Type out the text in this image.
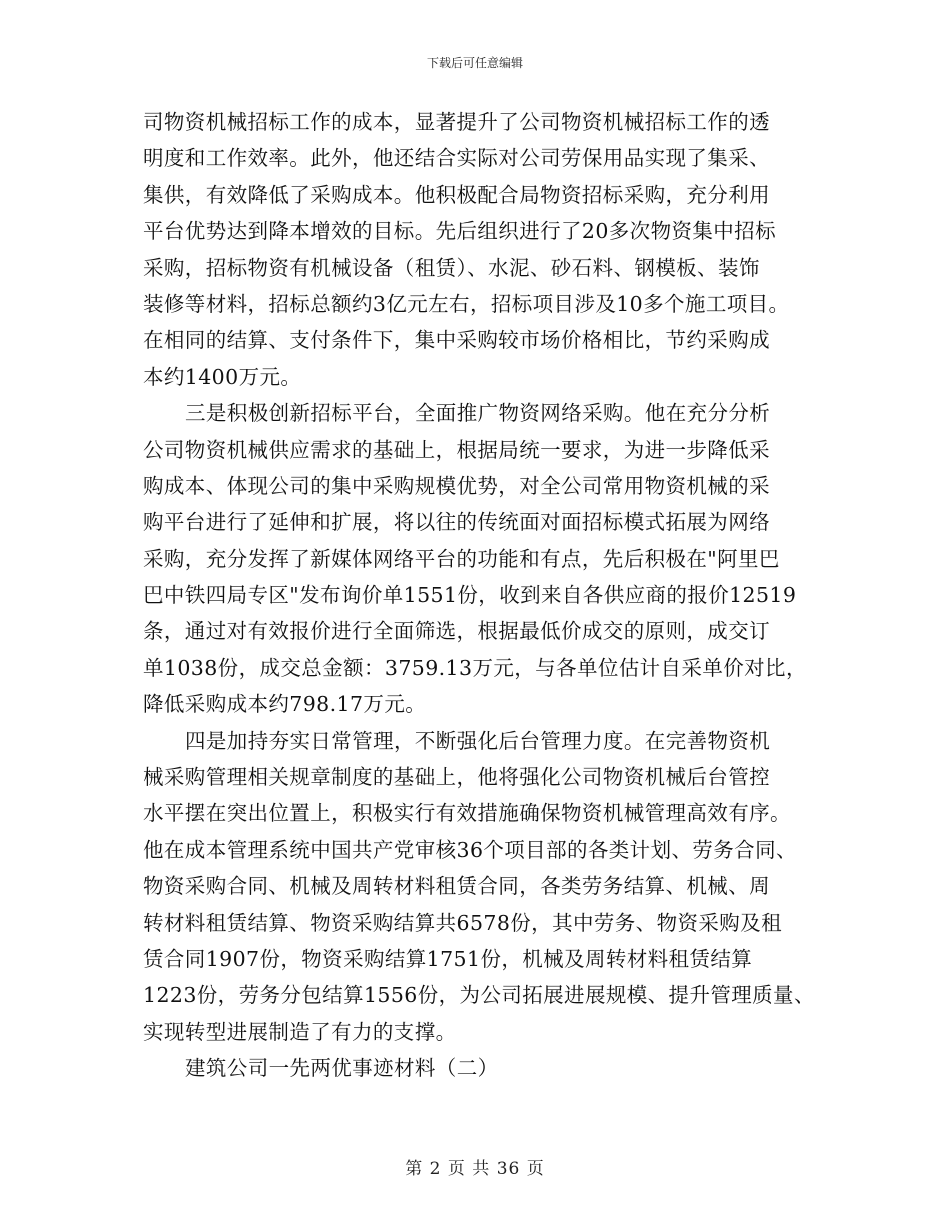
下载后可任意编辑
司物资机械招标工作的成本，显著提升了公司物资机械招标工作的透
明度和工作效率。此外，他还结合实际对公司劳保用品实现了集采、
集供，有效降低了采购成本。他积极配合局物资招标采购，充分利用
平台优势达到降本增效的目标。先后组织进行了20多次物资集中招标
采购，招标物资有机械设备（租赁）、水泥、砂石料、钢模板、装饰
装修等材料，招标总额约3亿元左右，招标项目涉及10多个施工项目。
在相同的结算、支付条件下，集中采购较市场价格相比，节约采购成
本约1400万元。
三是积极创新招标平台，全面推广物资网络采购。他在充分分析
公司物资机械供应需求的基础上，根据局统一要求，为进一步降低采
购成本、体现公司的集中采购规模优势，对全公司常用物资机械的采
购平台进行了延伸和扩展，将以往的传统面对面招标模式拓展为网络
采购，充分发挥了新媒体网络平台的功能和有点，先后积极在"阿里巴
巴中铁四局专区"发布询价单1551份，收到来自各供应商的报价12519
条，通过对有效报价进行全面筛选，根据最低价成交的原则，成交订
单1038份，成交总金额：3759.13万元，与各单位估计自采单价对比，
降低采购成本约798.17万元。
四是加持夯实日常管理，不断强化后台管理力度。在完善物资机
械采购管理相关规章制度的基础上，他将强化公司物资机械后台管控
水平摆在突出位置上，积极实行有效措施确保物资机械管理高效有序。
他在成本管理系统中国共产党审核36个项目部的各类计划、劳务合同、
物资采购合同、机械及周转材料租赁合同，各类劳务结算、机械、周
转材料租赁结算、物资采购结算共6578份，其中劳务、物资采购及租
赁合同1907份，物资采购结算1751份，机械及周转材料租赁结算
1223份，劳务分包结算1556份，为公司拓展进展规模、提升管理质量、
实现转型进展制造了有力的支撑。
建筑公司一先两优事迹材料（二）
第 2 页 共 36 页
